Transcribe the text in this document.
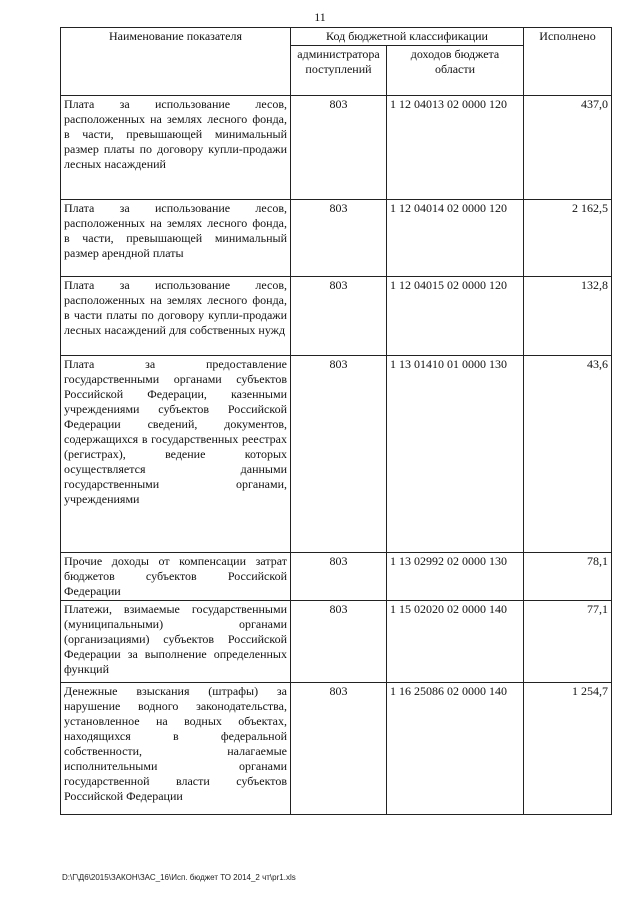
11
Наименование показателя	Код бюджетной классификации		Исполнено
	администратора поступлений	доходов бюджета области	
Плата за использование лесов, расположенных на землях лесного фонда, в части, превышающей минимальный размер платы по договору купли-продажи лесных насаждений	803	1 12 04013 02 0000 120	437,0
Плата за использование лесов, расположенных на землях лесного фонда, в части, превышающей минимальный размер арендной платы	803	1 12 04014 02 0000 120	2 162,5
Плата за использование лесов, расположенных на землях лесного фонда, в части платы по договору купли-продажи лесных насаждений для собственных нужд	803	1 12 04015 02 0000 120	132,8
Плата за предоставление государственными органами субъектов Российской Федерации, казенными учреждениями субъектов Российской Федерации сведений, документов, содержащихся в государственных реестрах (регистрах), ведение которых осуществляется данными государственными органами, учреждениями	803	1 13 01410 01 0000 130	43,6
Прочие доходы от компенсации затрат бюджетов субъектов Российской Федерации	803	1 13 02992 02 0000 130	78,1
Платежи, взимаемые государственными (муниципальными) органами (организациями) субъектов Российской Федерации за выполнение определенных функций	803	1 15 02020 02 0000 140	77,1
Денежные взыскания (штрафы) за нарушение водного законодательства, установленное на водных объектах, находящихся в федеральной собственности, налагаемые исполнительными органами государственной власти субъектов Российской Федерации	803	1 16 25086 02 0000 140	1 254,7
D:\Г\Д6\2015\ЗАКОН\ЗАС_16\Исп. бюджет ТО 2014_2 чт\pr1.xls
